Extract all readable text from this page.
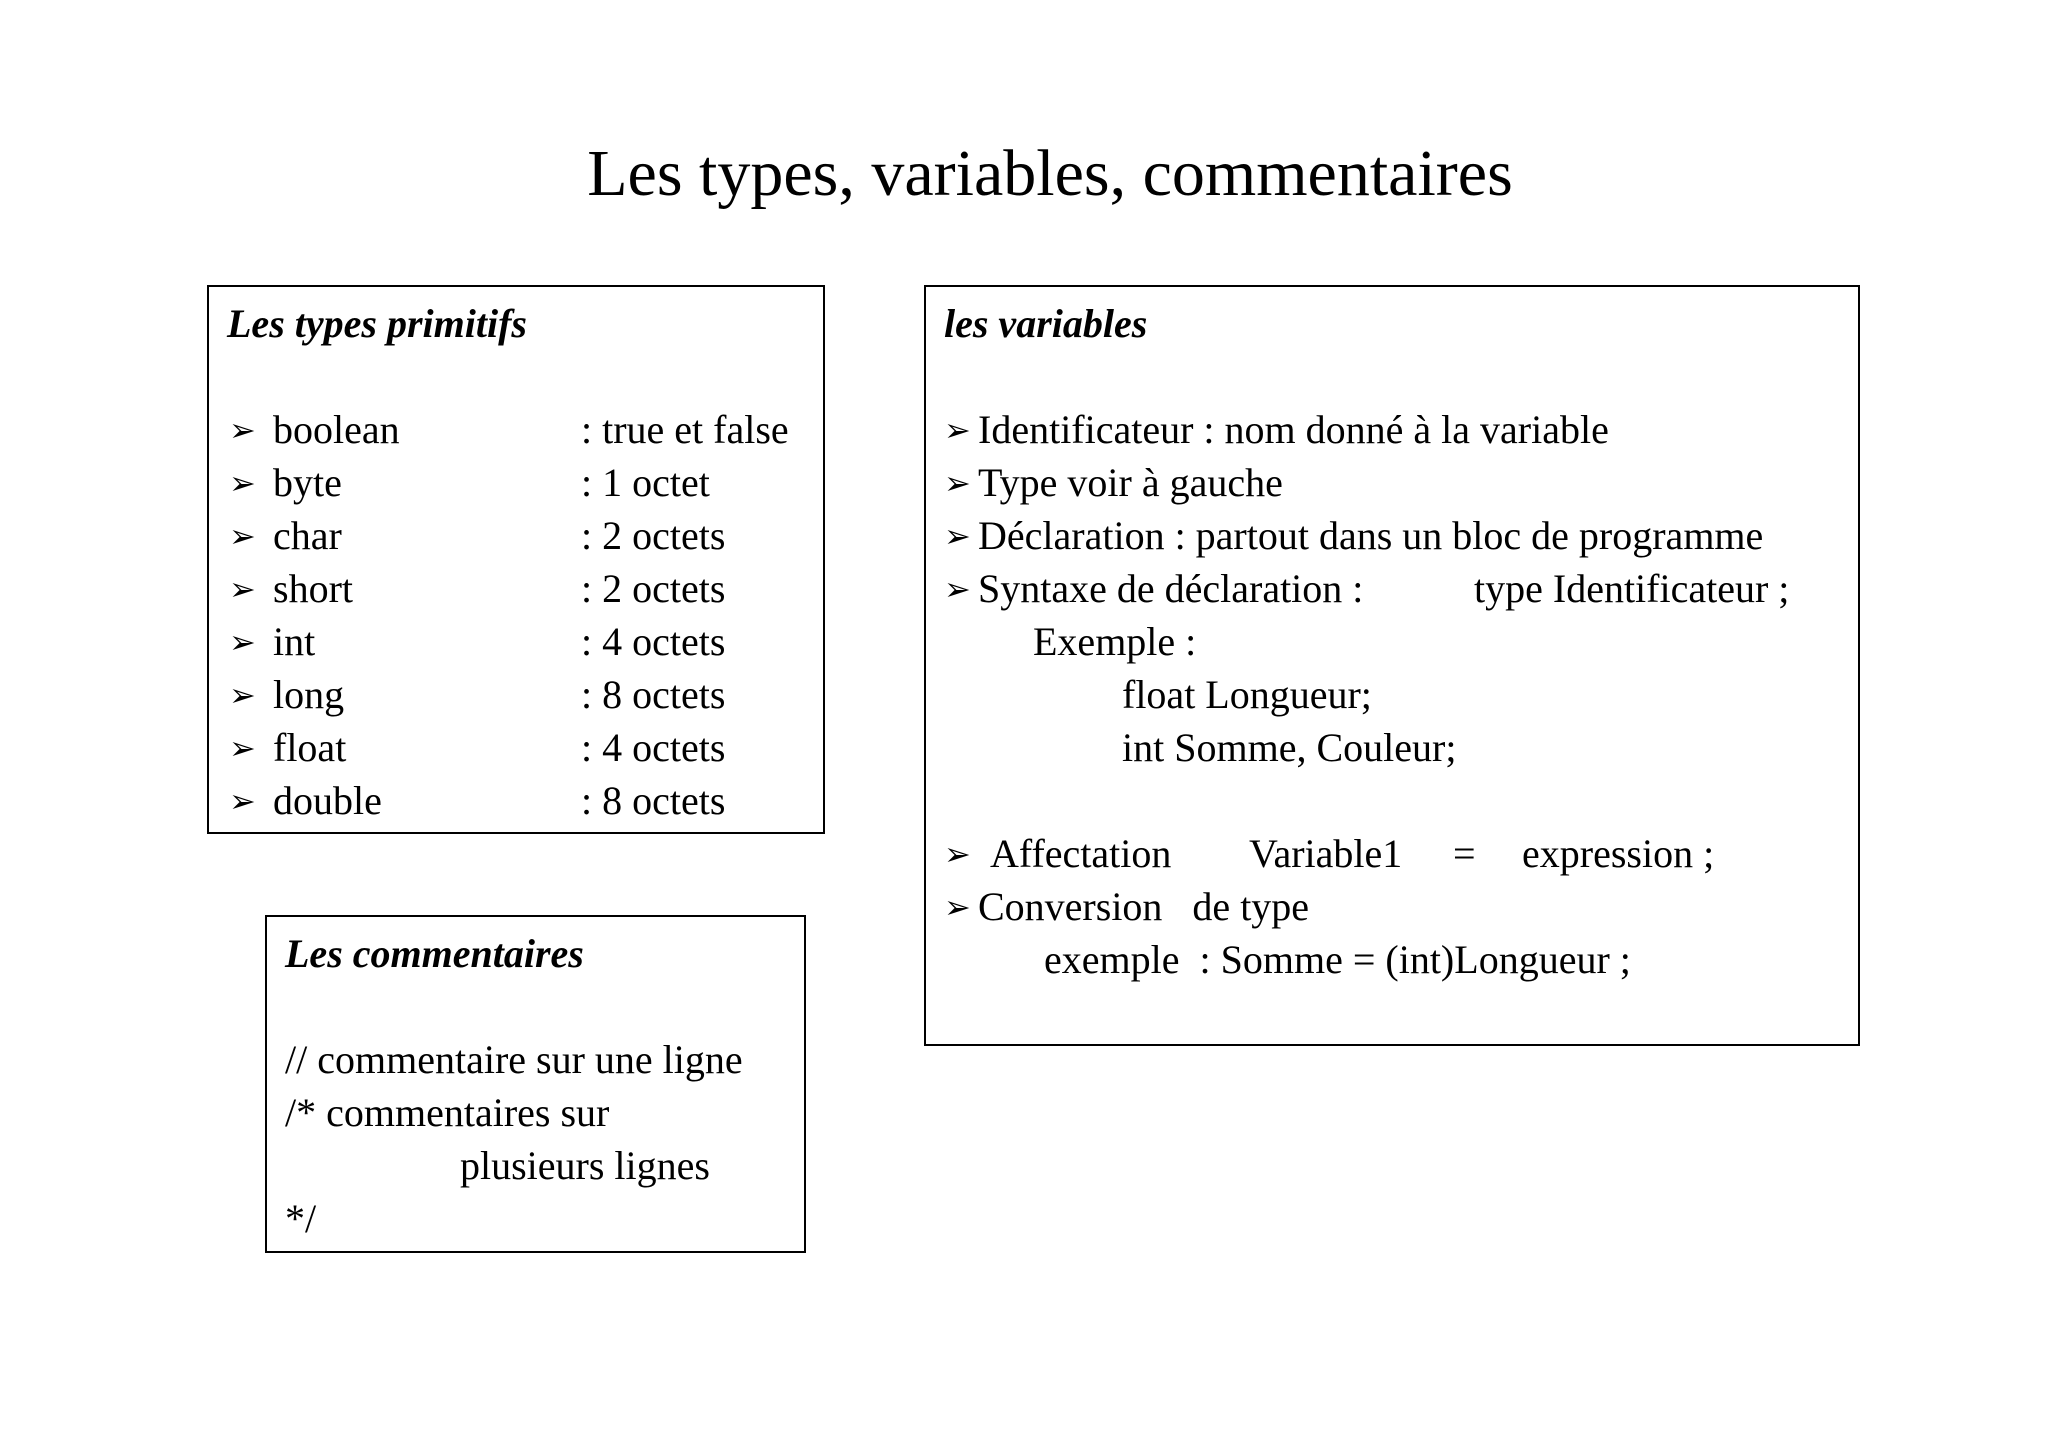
Les types, variables, commentaires
Les types primitifs
➢ boolean	: true et false
➢ byte	: 1 octet
➢ char	: 2 octets
➢ short	: 2 octets
➢ int	: 4 octets
➢ long	: 8 octets
➢ float	: 4 octets
➢ double	: 8 octets
les variables
➢ Identificateur : nom donné à la variable
➢ Type voir à gauche
➢ Déclaration : partout dans un bloc de programme
➢ Syntaxe de déclaration :	type Identificateur ;
Exemple :
float Longueur;
int Somme, Couleur;
➢ Affectation Variable1 = expression ;
➢ Conversion   de type
exemple  : Somme = (int)Longueur ;
Les commentaires
// commentaire sur une ligne
/* commentaires sur
plusieurs lignes
*/
